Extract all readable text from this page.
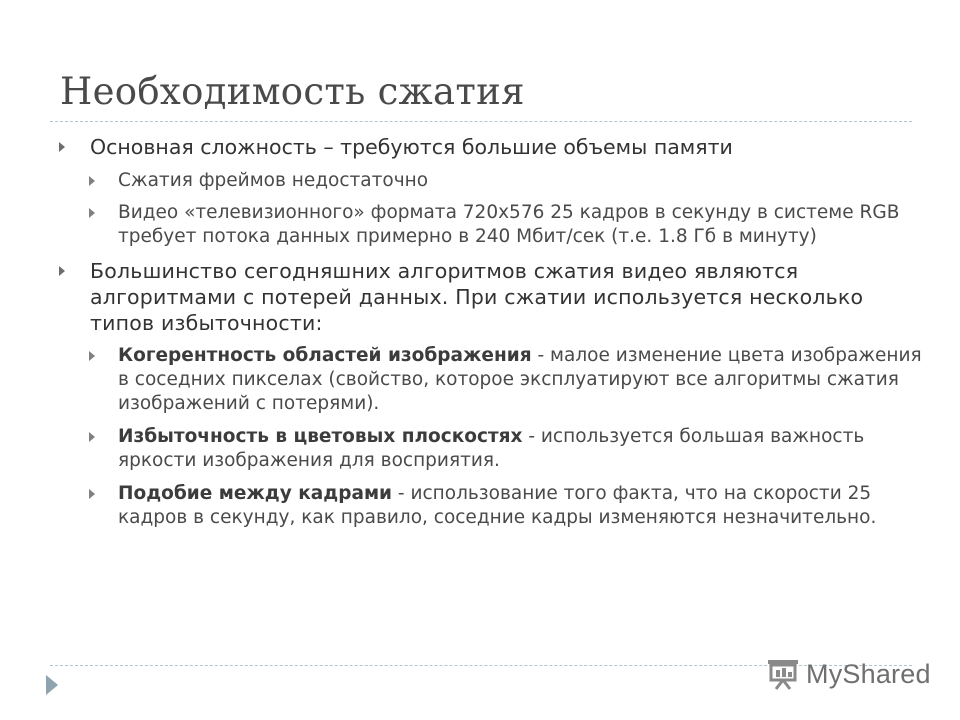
Необходимость сжатия
Основная сложность – требуются большие объемы памяти
Сжатия фреймов недостаточно
Видео «телевизионного» формата 720x576 25 кадров в секунду в системе RGB требует потока данных примерно в 240 Мбит/сек (т.е. 1.8 Гб в минуту)
Большинство сегодняшних алгоритмов сжатия видео являются алгоритмами с потерей данных. При сжатии используется несколько типов избыточности:
Когерентность областей изображения - малое изменение цвета изображения в соседних пикселах (свойство, которое эксплуатируют все алгоритмы сжатия изображений с потерями).
Избыточность в цветовых плоскостях - используется большая важность яркости изображения для восприятия.
Подобие между кадрами - использование того факта, что на скорости 25 кадров в секунду, как правило, соседние кадры изменяются незначительно.
MyShared
